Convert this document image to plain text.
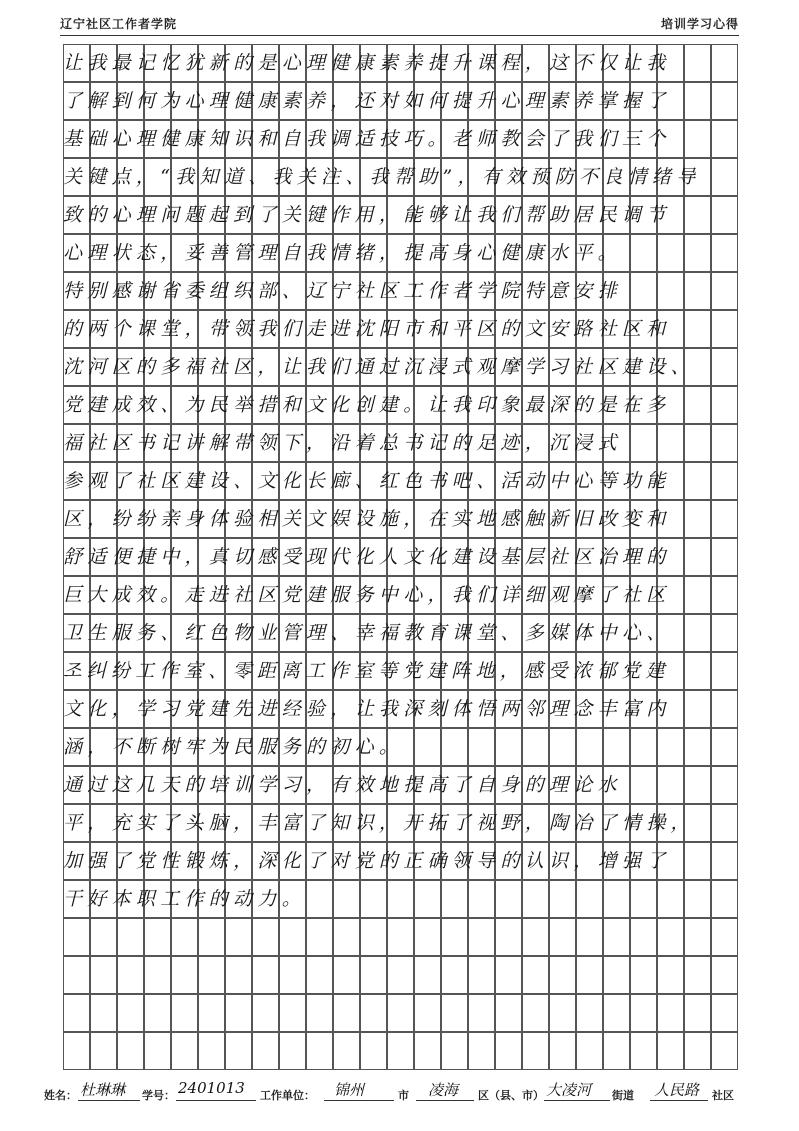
辽宁社区工作者学院	培训学习心得
让我最记忆犹新的是心理健康素养提升课程，这不仅让我
了解到何为心理健康素养，还对如何提升心理素养掌握了
基础心理健康知识和自我调适技巧。老师教会了我们三个
关键点，“我知道、我关注、我帮助”，有效预防不良情绪导
致的心理问题起到了关键作用，能够让我们帮助居民调节
心理状态，妥善管理自我情绪，提高身心健康水平。
特别感谢省委组织部、辽宁社区工作者学院特意安排
的两个课堂，带领我们走进沈阳市和平区的文安路社区和
沈河区的多福社区，让我们通过沉浸式观摩学习社区建设、
党建成效、为民举措和文化创建。让我印象最深的是在多
福社区书记讲解带领下，沿着总书记的足迹，沉浸式
参观了社区建设、文化长廊、红色书吧、活动中心等功能
区，纷纷亲身体验相关文娱设施，在实地感触新旧改变和
舒适便捷中，真切感受现代化人文化建设基层社区治理的
巨大成效。走进社区党建服务中心，我们详细观摩了社区
卫生服务、红色物业管理、幸福教育课堂、多媒体中心、
조纠纷工作室、零距离工作室等党建阵地，感受浓郁党建
文化，学习党建先进经验，让我深刻体悟两邻理念丰富内
涵，不断树牢为民服务的初心。
通过这几天的培训学习，有效地提高了自身的理论水
平，充实了头脑，丰富了知识，开拓了视野，陶冶了情操，
加强了党性锻炼，深化了对党的正确领导的认识，增强了
干好本职工作的动力。
姓名： 杜琳琳 学号： 2401013 工作单位： 锦州	市 凌海 区（县、市） 大凌河 街道 人民路 社区
